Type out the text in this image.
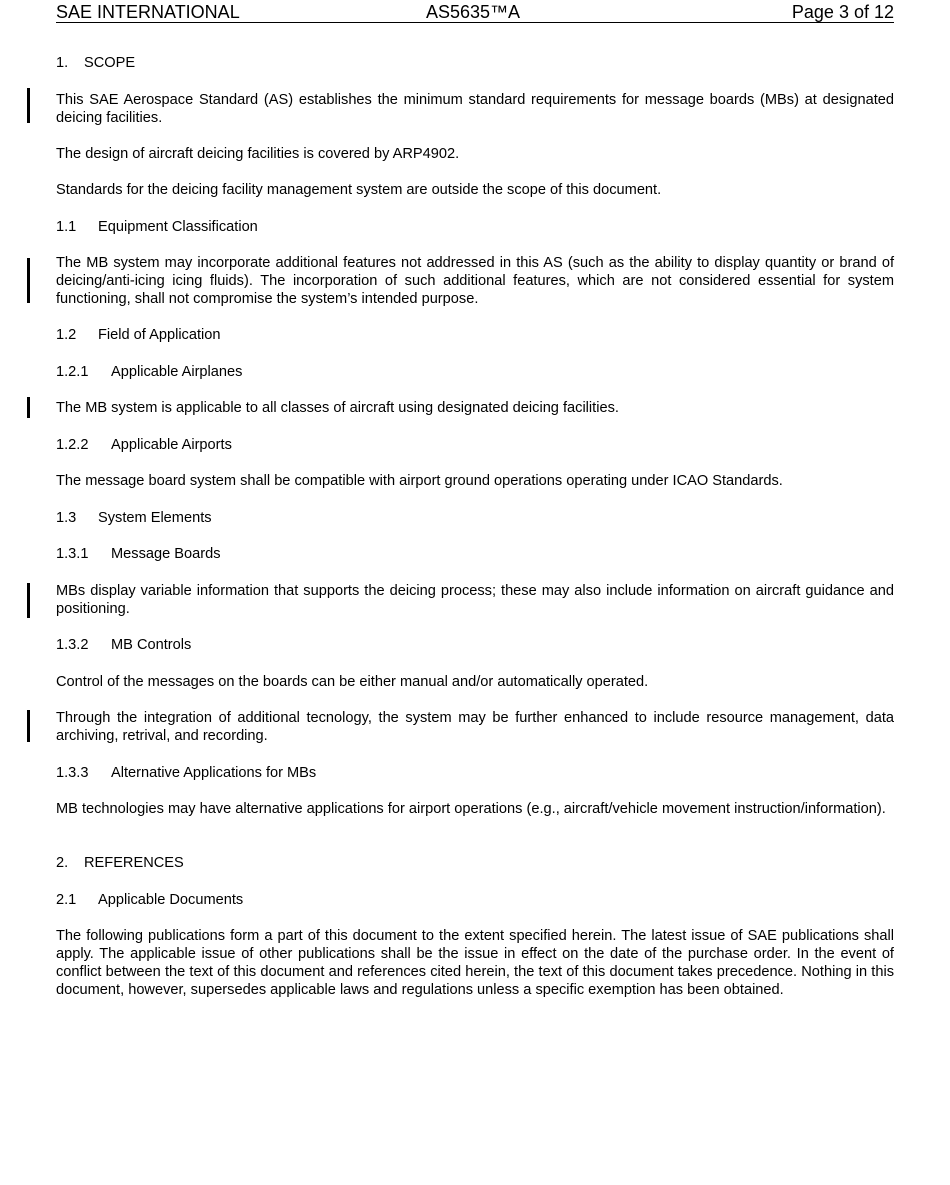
SAE INTERNATIONAL	AS5635™A	Page 3 of 12
1. SCOPE
This SAE Aerospace Standard (AS) establishes the minimum standard requirements for message boards (MBs) at designated deicing facilities.
The design of aircraft deicing facilities is covered by ARP4902.
Standards for the deicing facility management system are outside the scope of this document.
1.1 Equipment Classification
The MB system may incorporate additional features not addressed in this AS (such as the ability to display quantity or brand of deicing/anti-icing icing fluids). The incorporation of such additional features, which are not considered essential for system functioning, shall not compromise the system’s intended purpose.
1.2 Field of Application
1.2.1 Applicable Airplanes
The MB system is applicable to all classes of aircraft using designated deicing facilities.
1.2.2 Applicable Airports
The message board system shall be compatible with airport ground operations operating under ICAO Standards.
1.3 System Elements
1.3.1 Message Boards
MBs display variable information that supports the deicing process; these may also include information on aircraft guidance and positioning.
1.3.2 MB Controls
Control of the messages on the boards can be either manual and/or automatically operated.
Through the integration of additional tecnology, the system may be further enhanced to include resource management, data archiving, retrival, and recording.
1.3.3 Alternative Applications for MBs
MB technologies may have alternative applications for airport operations (e.g., aircraft/vehicle movement instruction/information).
2. REFERENCES
2.1 Applicable Documents
The following publications form a part of this document to the extent specified herein. The latest issue of SAE publications shall apply. The applicable issue of other publications shall be the issue in effect on the date of the purchase order. In the event of conflict between the text of this document and references cited herein, the text of this document takes precedence. Nothing in this document, however, supersedes applicable laws and regulations unless a specific exemption has been obtained.
